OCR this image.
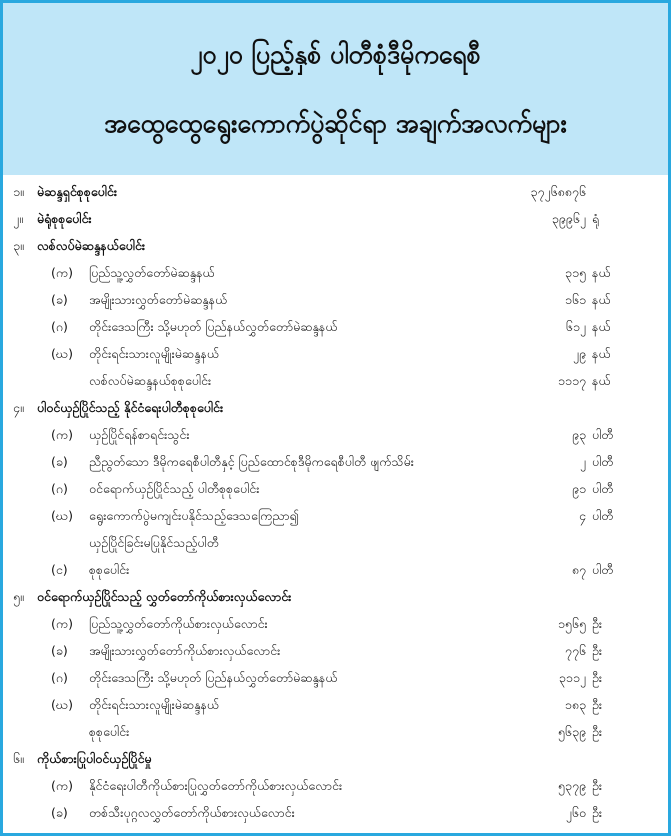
၂၀၂၀ ပြည့်နှစ် ပါတီစုံဒီမိုကရေစီ
အထွေထွေရွေးကောက်ပွဲဆိုင်ရာ အချက်အလက်များ
၁။ မဲဆန္ဒရှင်စုစုပေါင်း	၃၇၂၆၈၈၇၆
၂။ မဲရုံစုစုပေါင်း	၃၉၉၆၂ ရုံ
၃။ လစ်လပ်မဲဆန္ဒနယ်ပေါင်း
(က) ပြည်သူ့လွှတ်တော်မဲဆန္ဒနယ်	၃၁၅ နယ်
(ခ) အမျိုးသားလွှတ်တော်မဲဆန္ဒနယ်	၁၆၁ နယ်
(ဂ) တိုင်းဒေသကြီး သို့မဟုတ် ပြည်နယ်လွှတ်တော်မဲဆန္ဒနယ်	၆၁၂ နယ်
(ဃ) တိုင်းရင်းသားလူမျိုးမဲဆန္ဒနယ်	၂၉ နယ်
လစ်လပ်မဲဆန္ဒနယ်စုစုပေါင်း	၁၁၁၇ နယ်
၄။ ပါဝင်ယှဉ်ပြိုင်သည့် နိုင်ငံရေးပါတီစုစုပေါင်း
(က) ယှဉ်ပြိုင်ရန်စာရင်းသွင်း	၉၃ ပါတီ
(ခ) ညီညွတ်သော ဒီမိုကရေစီပါတီနှင့် ပြည်ထောင်စုဒီမိုကရေစီပါတီ ဖျက်သိမ်း	၂ ပါတီ
(ဂ) ဝင်ရောက်ယှဉ်ပြိုင်သည့် ပါတီစုစုပေါင်း	၉၁ ပါတီ
(ဃ) ရွေးကောက်ပွဲမကျင်းပနိုင်သည့်ဒေသကြေညာ၍	၄ ပါတီ
ယှဉ်ပြိုင်ခြင်းမပြုနိုင်သည့်ပါတီ
(င) စုစုပေါင်း	၈၇ ပါတီ
၅။ ဝင်ရောက်ယှဉ်ပြိုင်သည့် လွှတ်တော်ကိုယ်စားလှယ်လောင်း
(က) ပြည်သူ့လွှတ်တော်ကိုယ်စားလှယ်လောင်း	၁၅၆၅ ဦး
(ခ) အမျိုးသားလွှတ်တော်ကိုယ်စားလှယ်လောင်း	၇၇၆ ဦး
(ဂ) တိုင်းဒေသကြီး သို့မဟုတ် ပြည်နယ်လွှတ်တော်မဲဆန္ဒနယ်	၃၁၁၂ ဦး
(ဃ) တိုင်းရင်းသားလူမျိုးမဲဆန္ဒနယ်	၁၈၃ ဦး
စုစုပေါင်း	၅၆၃၉ ဦး
၆။ ကိုယ်စားပြုပါဝင်ယှဉ်ပြိုင်မှု
(က) နိုင်ငံရေးပါတီကိုယ်စားပြုလွှတ်တော်ကိုယ်စားလှယ်လောင်း	၅၃၇၉ ဦး
(ခ) တစ်သီးပုဂ္ဂလလွှတ်တော်ကိုယ်စားလှယ်လောင်း	၂၆၀ ဦး
